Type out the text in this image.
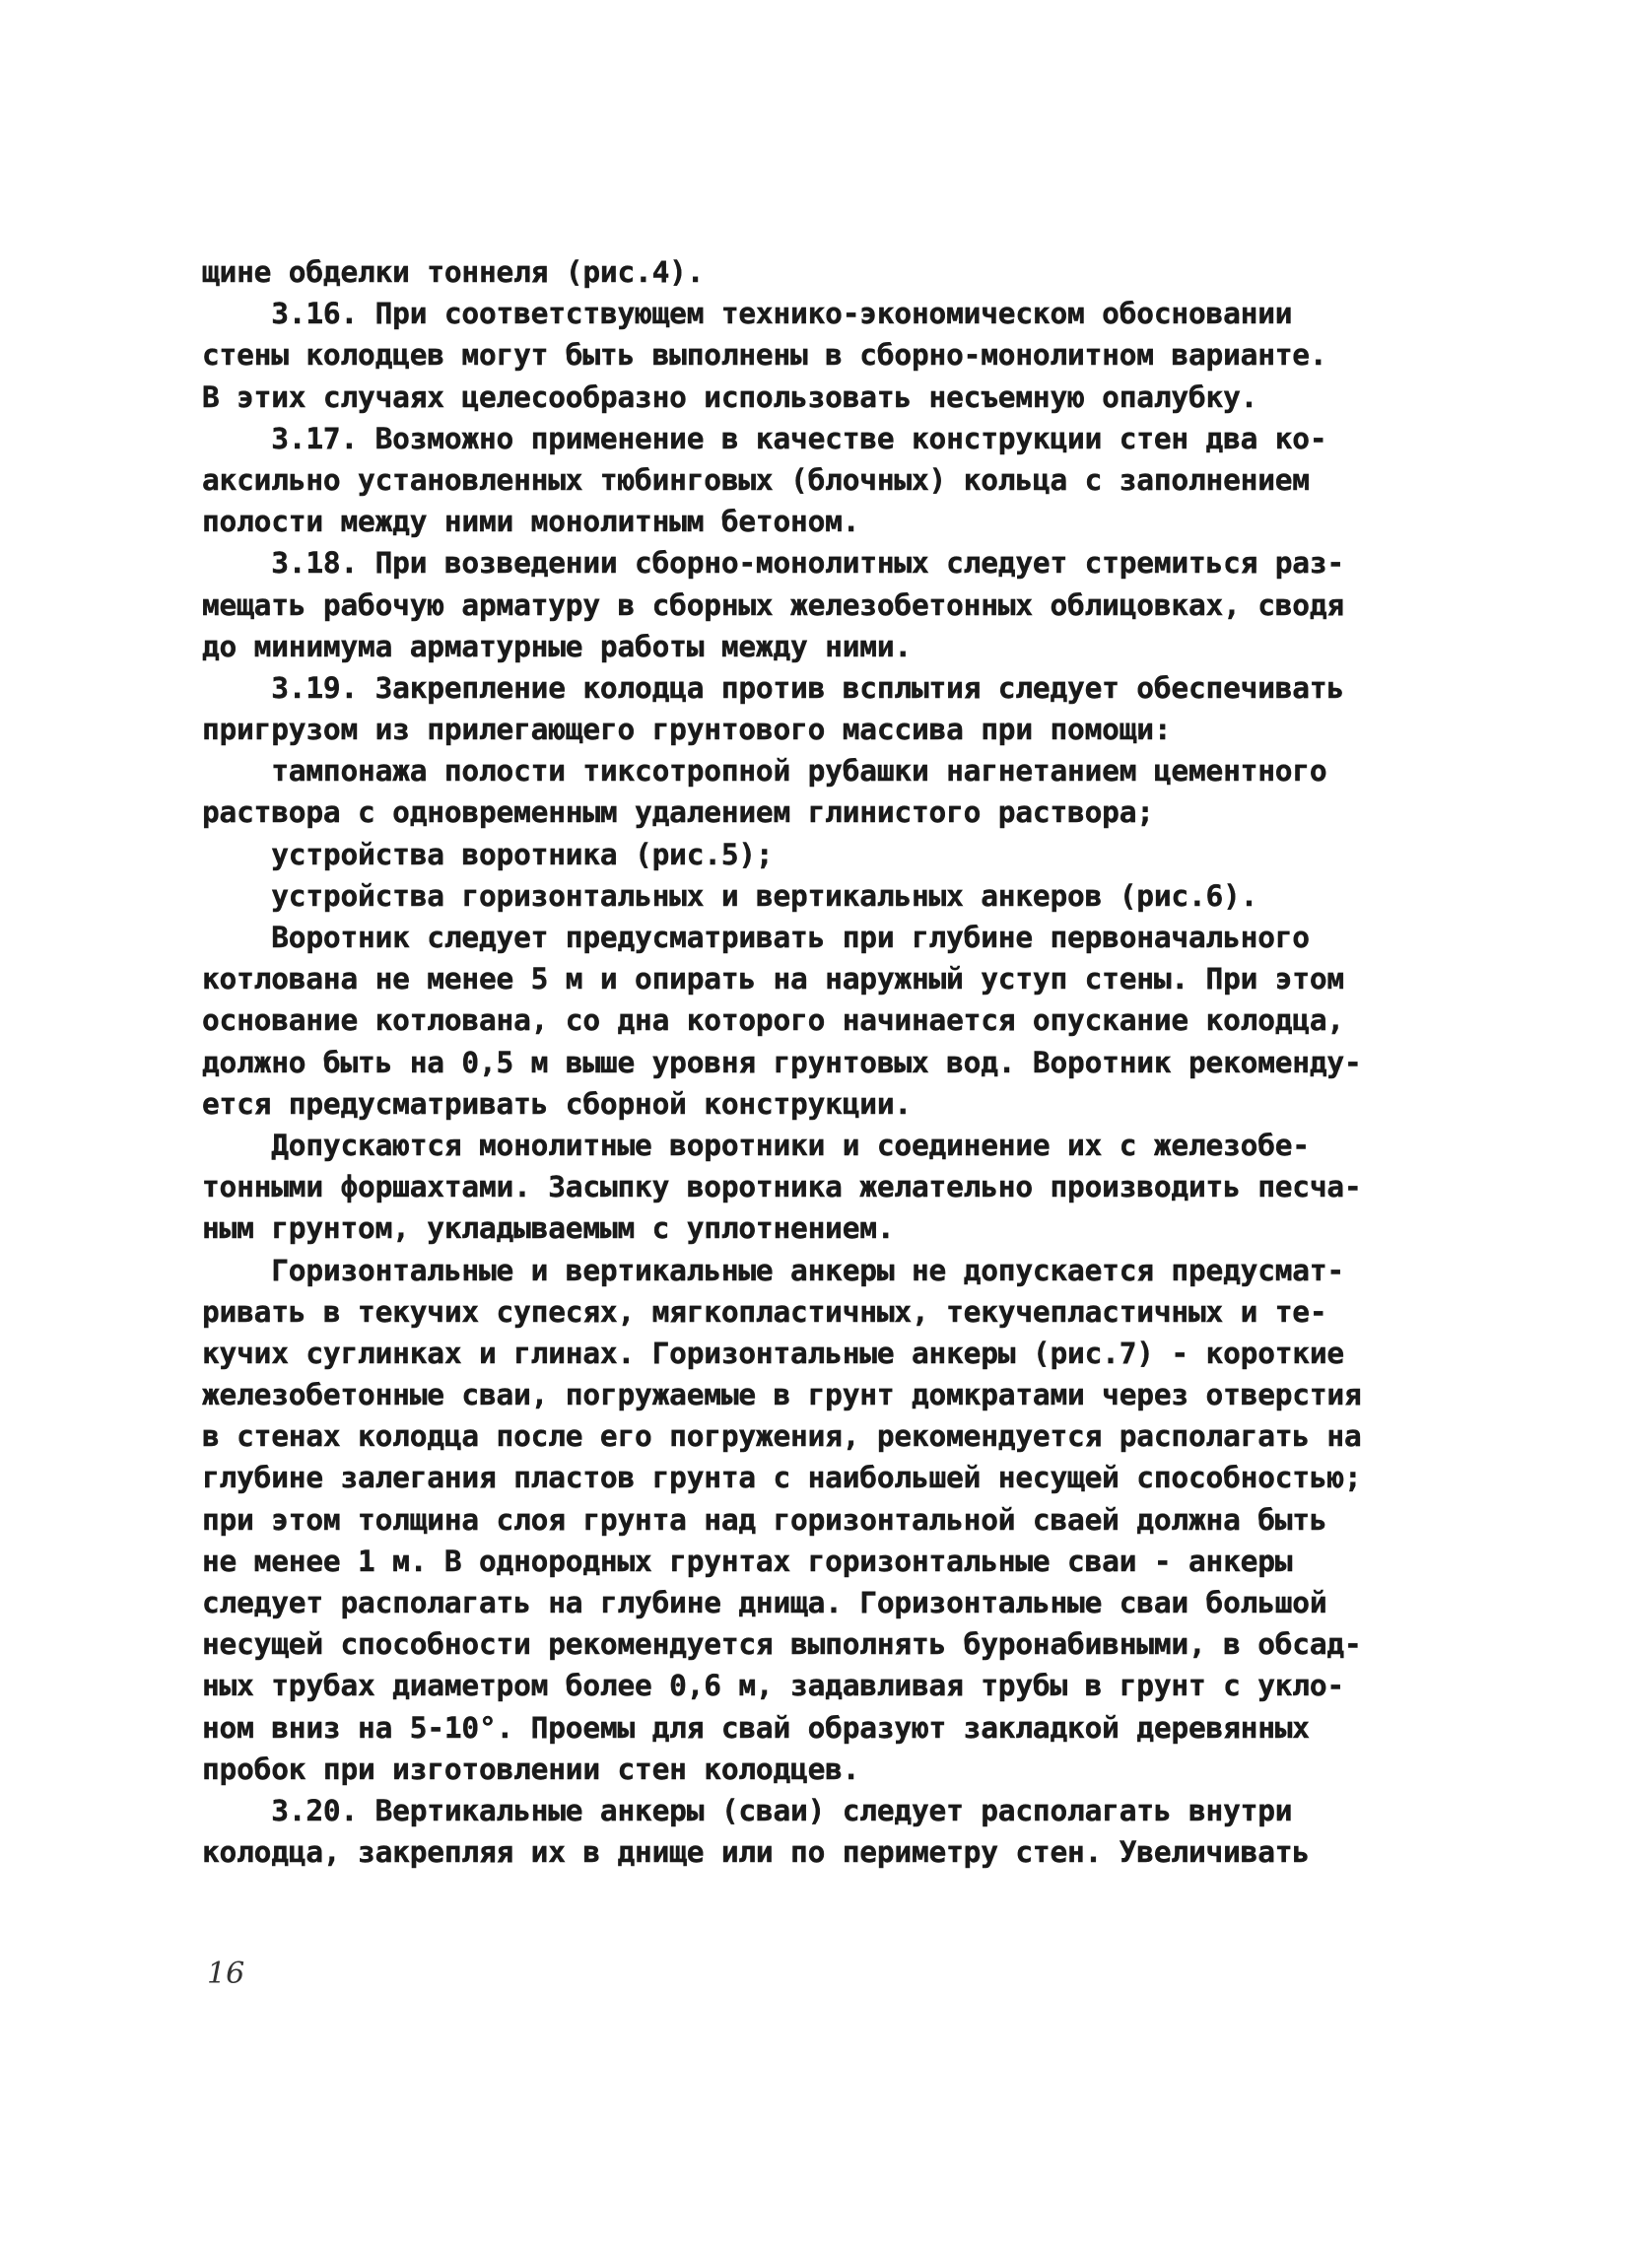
щине обделки тоннеля (рис.4).
3.16. При соответствующем технико-экономическом обосновании
стены колодцев могут быть выполнены в сборно-монолитном варианте.
В этих случаях целесообразно использовать несъемную опалубку.
3.17. Возможно применение в качестве конструкции стен два ко-
аксильно установленных тюбинговых (блочных) кольца с заполнением
полости между ними монолитным бетоном.
3.18. При возведении сборно-монолитных следует стремиться раз-
мещать рабочую арматуру в сборных железобетонных облицовках, сводя
до минимума арматурные работы между ними.
3.19. Закрепление колодца против всплытия следует обеспечивать
пригрузом из прилегающего грунтового массива при помощи:
тампонажа полости тиксотропной рубашки нагнетанием цементного
раствора с одновременным удалением глинистого раствора;
устройства воротника (рис.5);
устройства горизонтальных и вертикальных анкеров (рис.6).
Воротник следует предусматривать при глубине первоначального
котлована не менее 5 м и опирать на наружный уступ стены. При этом
основание котлована, со дна которого начинается опускание колодца,
должно быть на 0,5 м выше уровня грунтовых вод. Воротник рекоменду-
ется предусматривать сборной конструкции.
Допускаются монолитные воротники и соединение их с железобе-
тонными форшахтами. Засыпку воротника желательно производить песча-
ным грунтом, укладываемым с уплотнением.
Горизонтальные и вертикальные анкеры не допускается предусмат-
ривать в текучих супесях, мягкопластичных, текучепластичных и те-
кучих суглинках и глинах. Горизонтальные анкеры (рис.7) - короткие
железобетонные сваи, погружаемые в грунт домкратами через отверстия
в стенах колодца после его погружения, рекомендуется располагать на
глубине залегания пластов грунта с наибольшей несущей способностью;
при этом толщина слоя грунта над горизонтальной сваей должна быть
не менее 1 м. В однородных грунтах горизонтальные сваи - анкеры
следует располагать на глубине днища. Горизонтальные сваи большой
несущей способности рекомендуется выполнять буронабивными, в обсад-
ных трубах диаметром более 0,6 м, задавливая трубы в грунт с укло-
ном вниз на 5-10°. Проемы для свай образуют закладкой деревянных
пробок при изготовлении стен колодцев.
3.20. Вертикальные анкеры (сваи) следует располагать внутри
колодца, закрепляя их в днище или по периметру стен. Увеличивать
16
